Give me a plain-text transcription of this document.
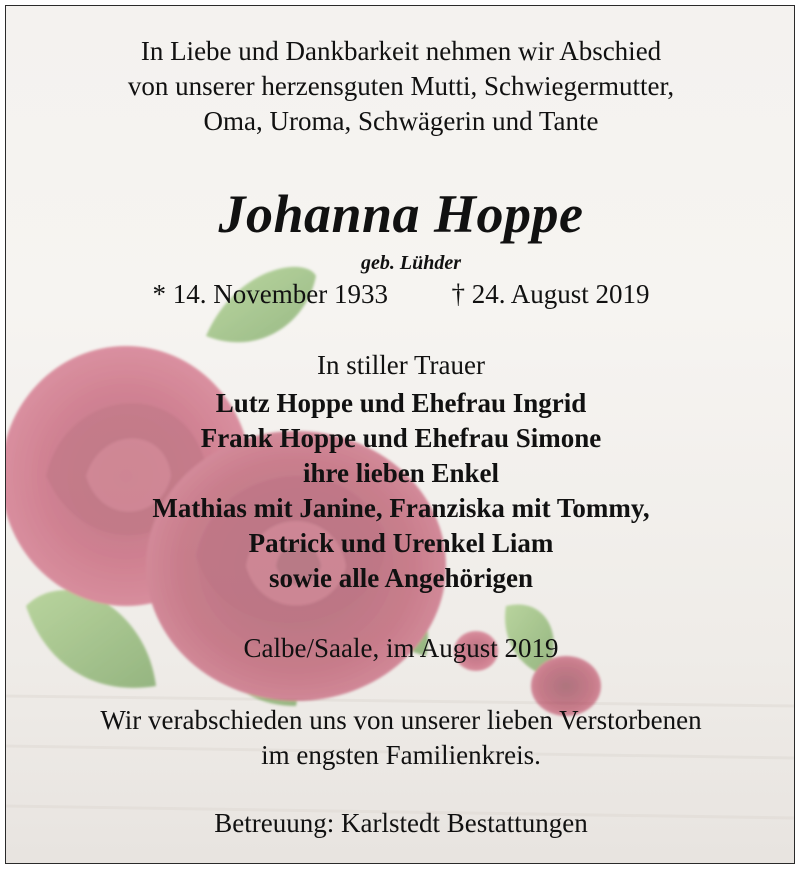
In Liebe und Dankbarkeit nehmen wir Abschied
von unserer herzensguten Mutti, Schwiegermutter,
Oma, Uroma, Schwägerin und Tante
Johanna Hoppe
geb. Lühder
* 14. November 1933 † 24. August 2019
In stiller Trauer
Lutz Hoppe und Ehefrau Ingrid
Frank Hoppe und Ehefrau Simone
ihre lieben Enkel
Mathias mit Janine, Franziska mit Tommy,
Patrick und Urenkel Liam
sowie alle Angehörigen
Calbe/Saale, im August 2019
Wir verabschieden uns von unserer lieben Verstorbenen
im engsten Familienkreis.
Betreuung: Karlstedt Bestattungen
